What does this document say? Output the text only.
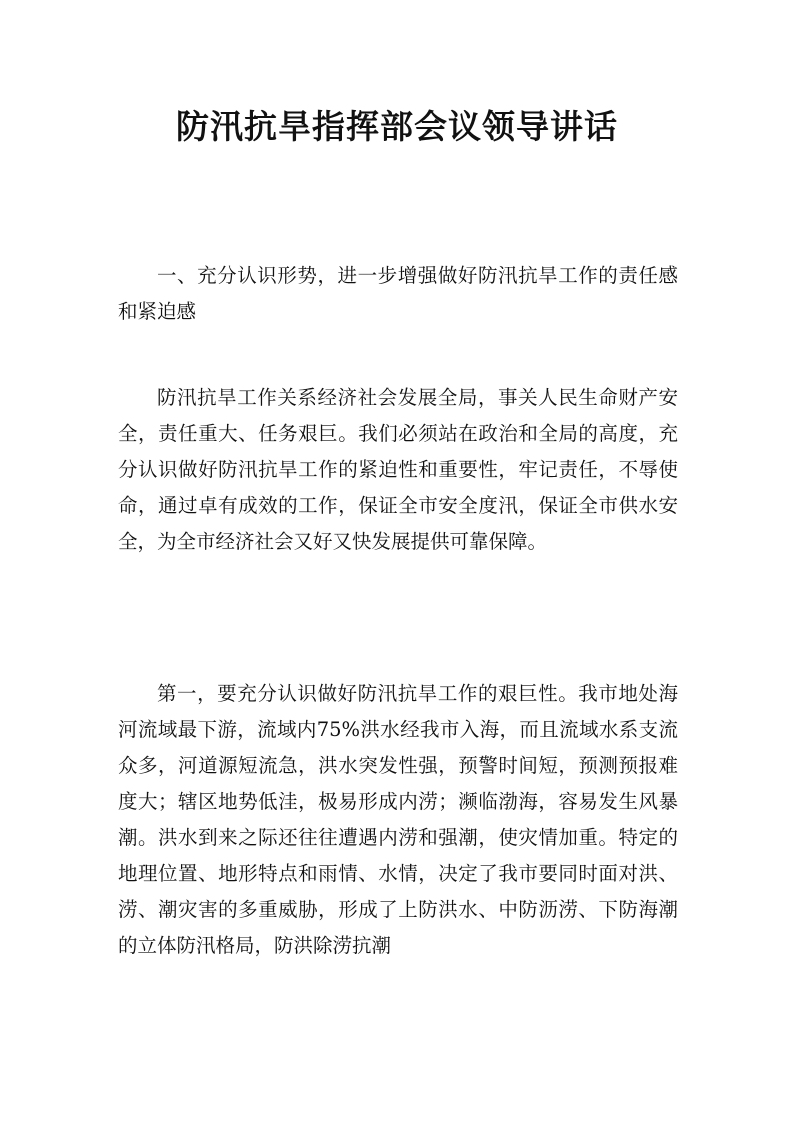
防汛抗旱指挥部会议领导讲话

一、充分认识形势，进一步增强做好防汛抗旱工作的责任感和紧迫感

防汛抗旱工作关系经济社会发展全局，事关人民生命财产安全，责任重大、任务艰巨。我们必须站在政治和全局的高度，充分认识做好防汛抗旱工作的紧迫性和重要性，牢记责任，不辱使命，通过卓有成效的工作，保证全市安全度汛，保证全市供水安全，为全市经济社会又好又快发展提供可靠保障。

第一，要充分认识做好防汛抗旱工作的艰巨性。我市地处海河流域最下游，流域内75%洪水经我市入海，而且流域水系支流众多，河道源短流急，洪水突发性强，预警时间短，预测预报难度大；辖区地势低洼，极易形成内涝；濒临渤海，容易发生风暴潮。洪水到来之际还往往遭遇内涝和强潮，使灾情加重。特定的地理位置、地形特点和雨情、水情，决定了我市要同时面对洪、涝、潮灾害的多重威胁，形成了上防洪水、中防沥涝、下防海潮的立体防汛格局，防洪除涝抗潮
